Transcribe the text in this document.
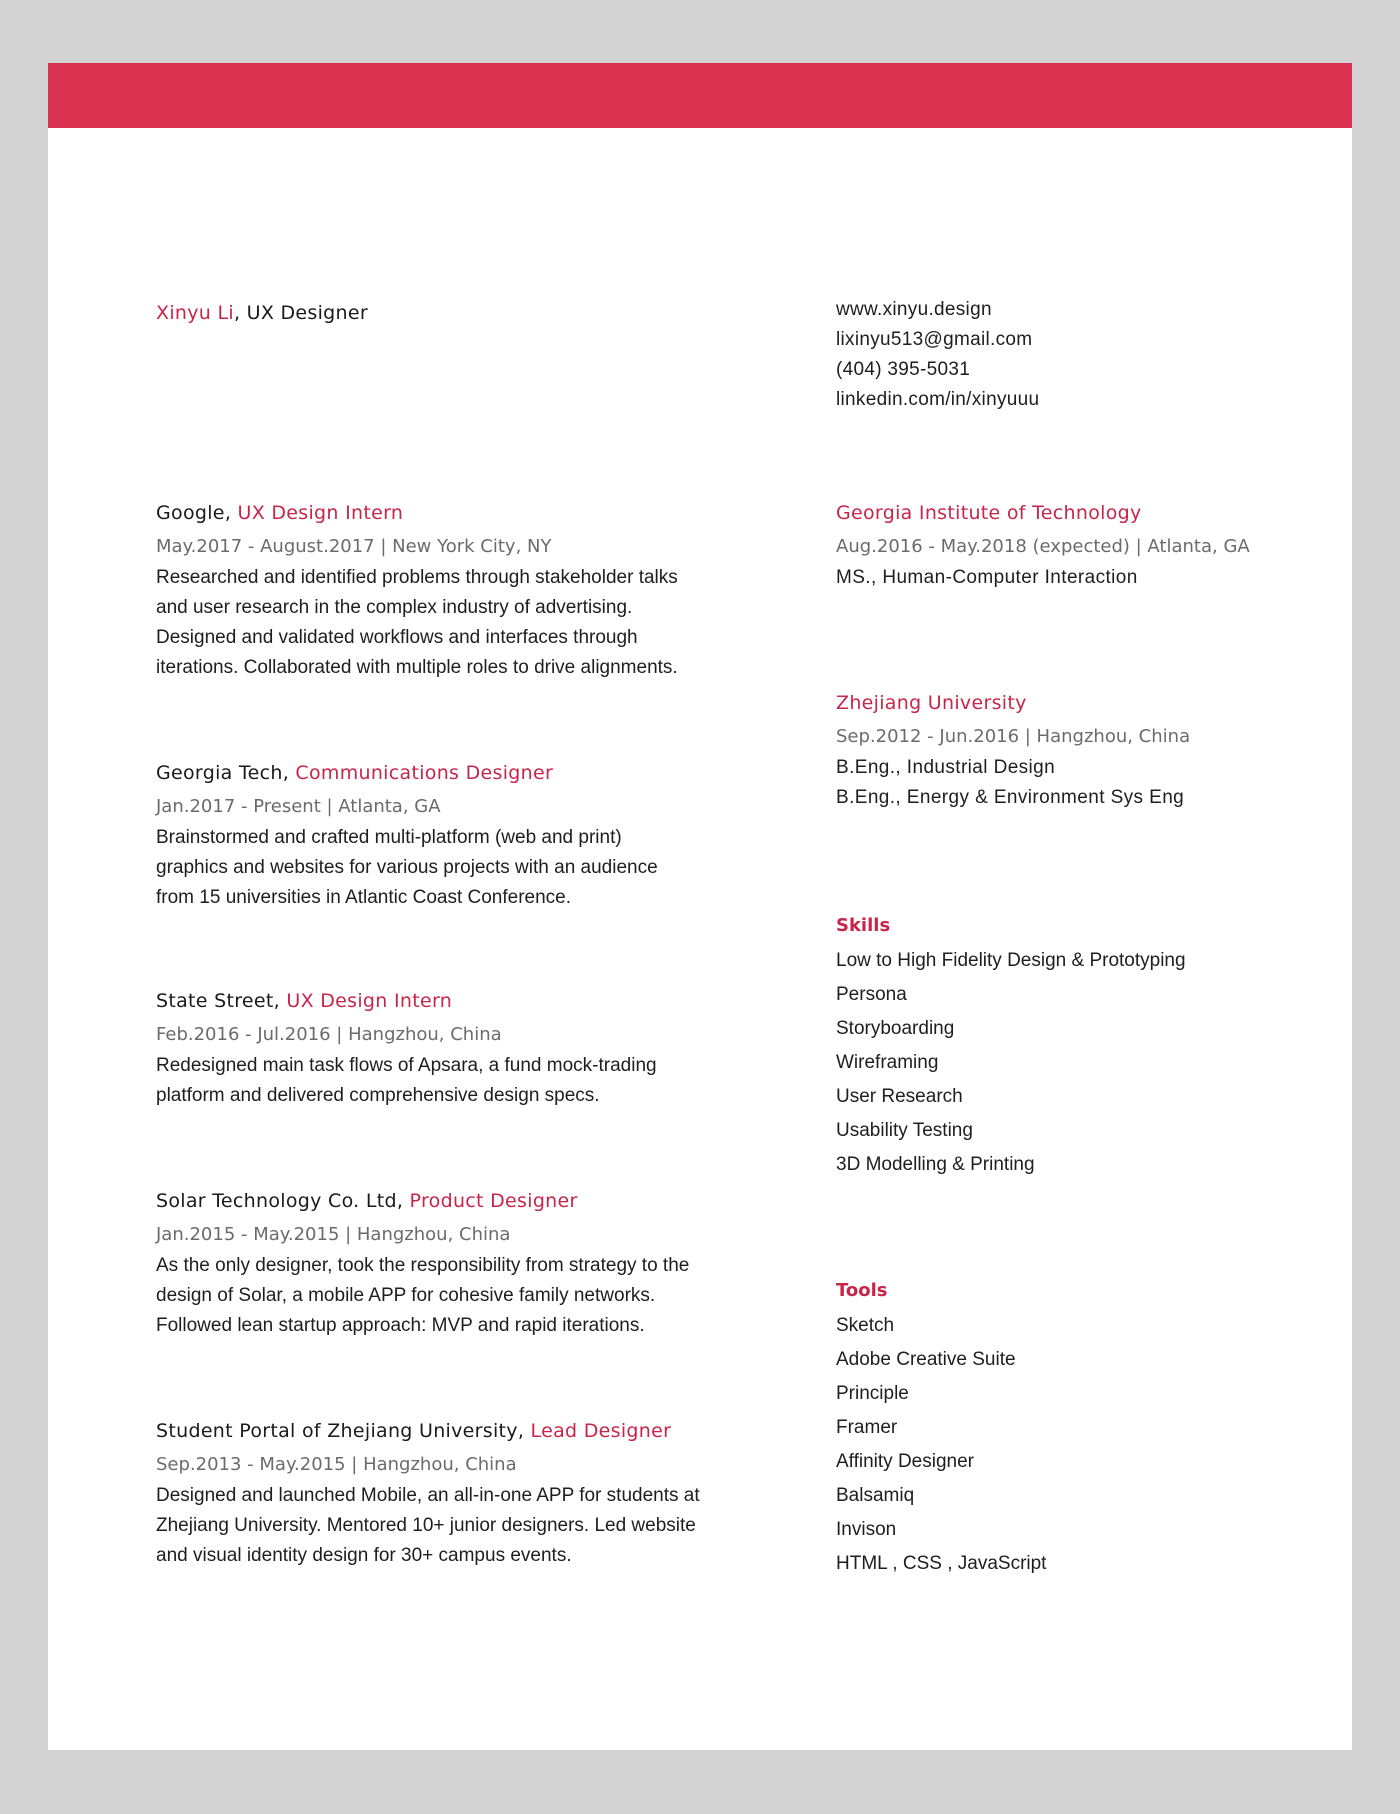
Xinyu Li, UX Designer	www.xinyu.design
lixinyu513@gmail.com
(404) 395-5031
linkedin.com/in/xinyuuu
Google, UX Design Intern
May.2017 - August.2017 | New York City, NY
Researched and identified problems through stakeholder talks
and user research in the complex industry of advertising.
Designed and validated workflows and interfaces through
iterations. Collaborated with multiple roles to drive alignments.
Georgia Tech, Communications Designer
Jan.2017 - Present | Atlanta, GA
Brainstormed and crafted multi-platform (web and print)
graphics and websites for various projects with an audience
from 15 universities in Atlantic Coast Conference.
State Street, UX Design Intern
Feb.2016 - Jul.2016 | Hangzhou, China
Redesigned main task flows of Apsara, a fund mock-trading
platform and delivered comprehensive design specs.
Solar Technology Co. Ltd, Product Designer
Jan.2015 - May.2015 | Hangzhou, China
As the only designer, took the responsibility from strategy to the
design of Solar, a mobile APP for cohesive family networks.
Followed lean startup approach: MVP and rapid iterations.
Student Portal of Zhejiang University, Lead Designer
Sep.2013 - May.2015 | Hangzhou, China
Designed and launched Mobile, an all-in-one APP for students at
Zhejiang University. Mentored 10+ junior designers. Led website
and visual identity design for 30+ campus events.
Georgia Institute of Technology
Aug.2016 - May.2018 (expected) | Atlanta, GA
MS., Human-Computer Interaction
Zhejiang University
Sep.2012 - Jun.2016 | Hangzhou, China
B.Eng., Industrial Design
B.Eng., Energy & Environment Sys Eng
Skills
Low to High Fidelity Design & Prototyping
Persona
Storyboarding
Wireframing
User Research
Usability Testing
3D Modelling & Printing
Tools
Sketch
Adobe Creative Suite
Principle
Framer
Affinity Designer
Balsamiq
Invison
HTML , CSS , JavaScript
